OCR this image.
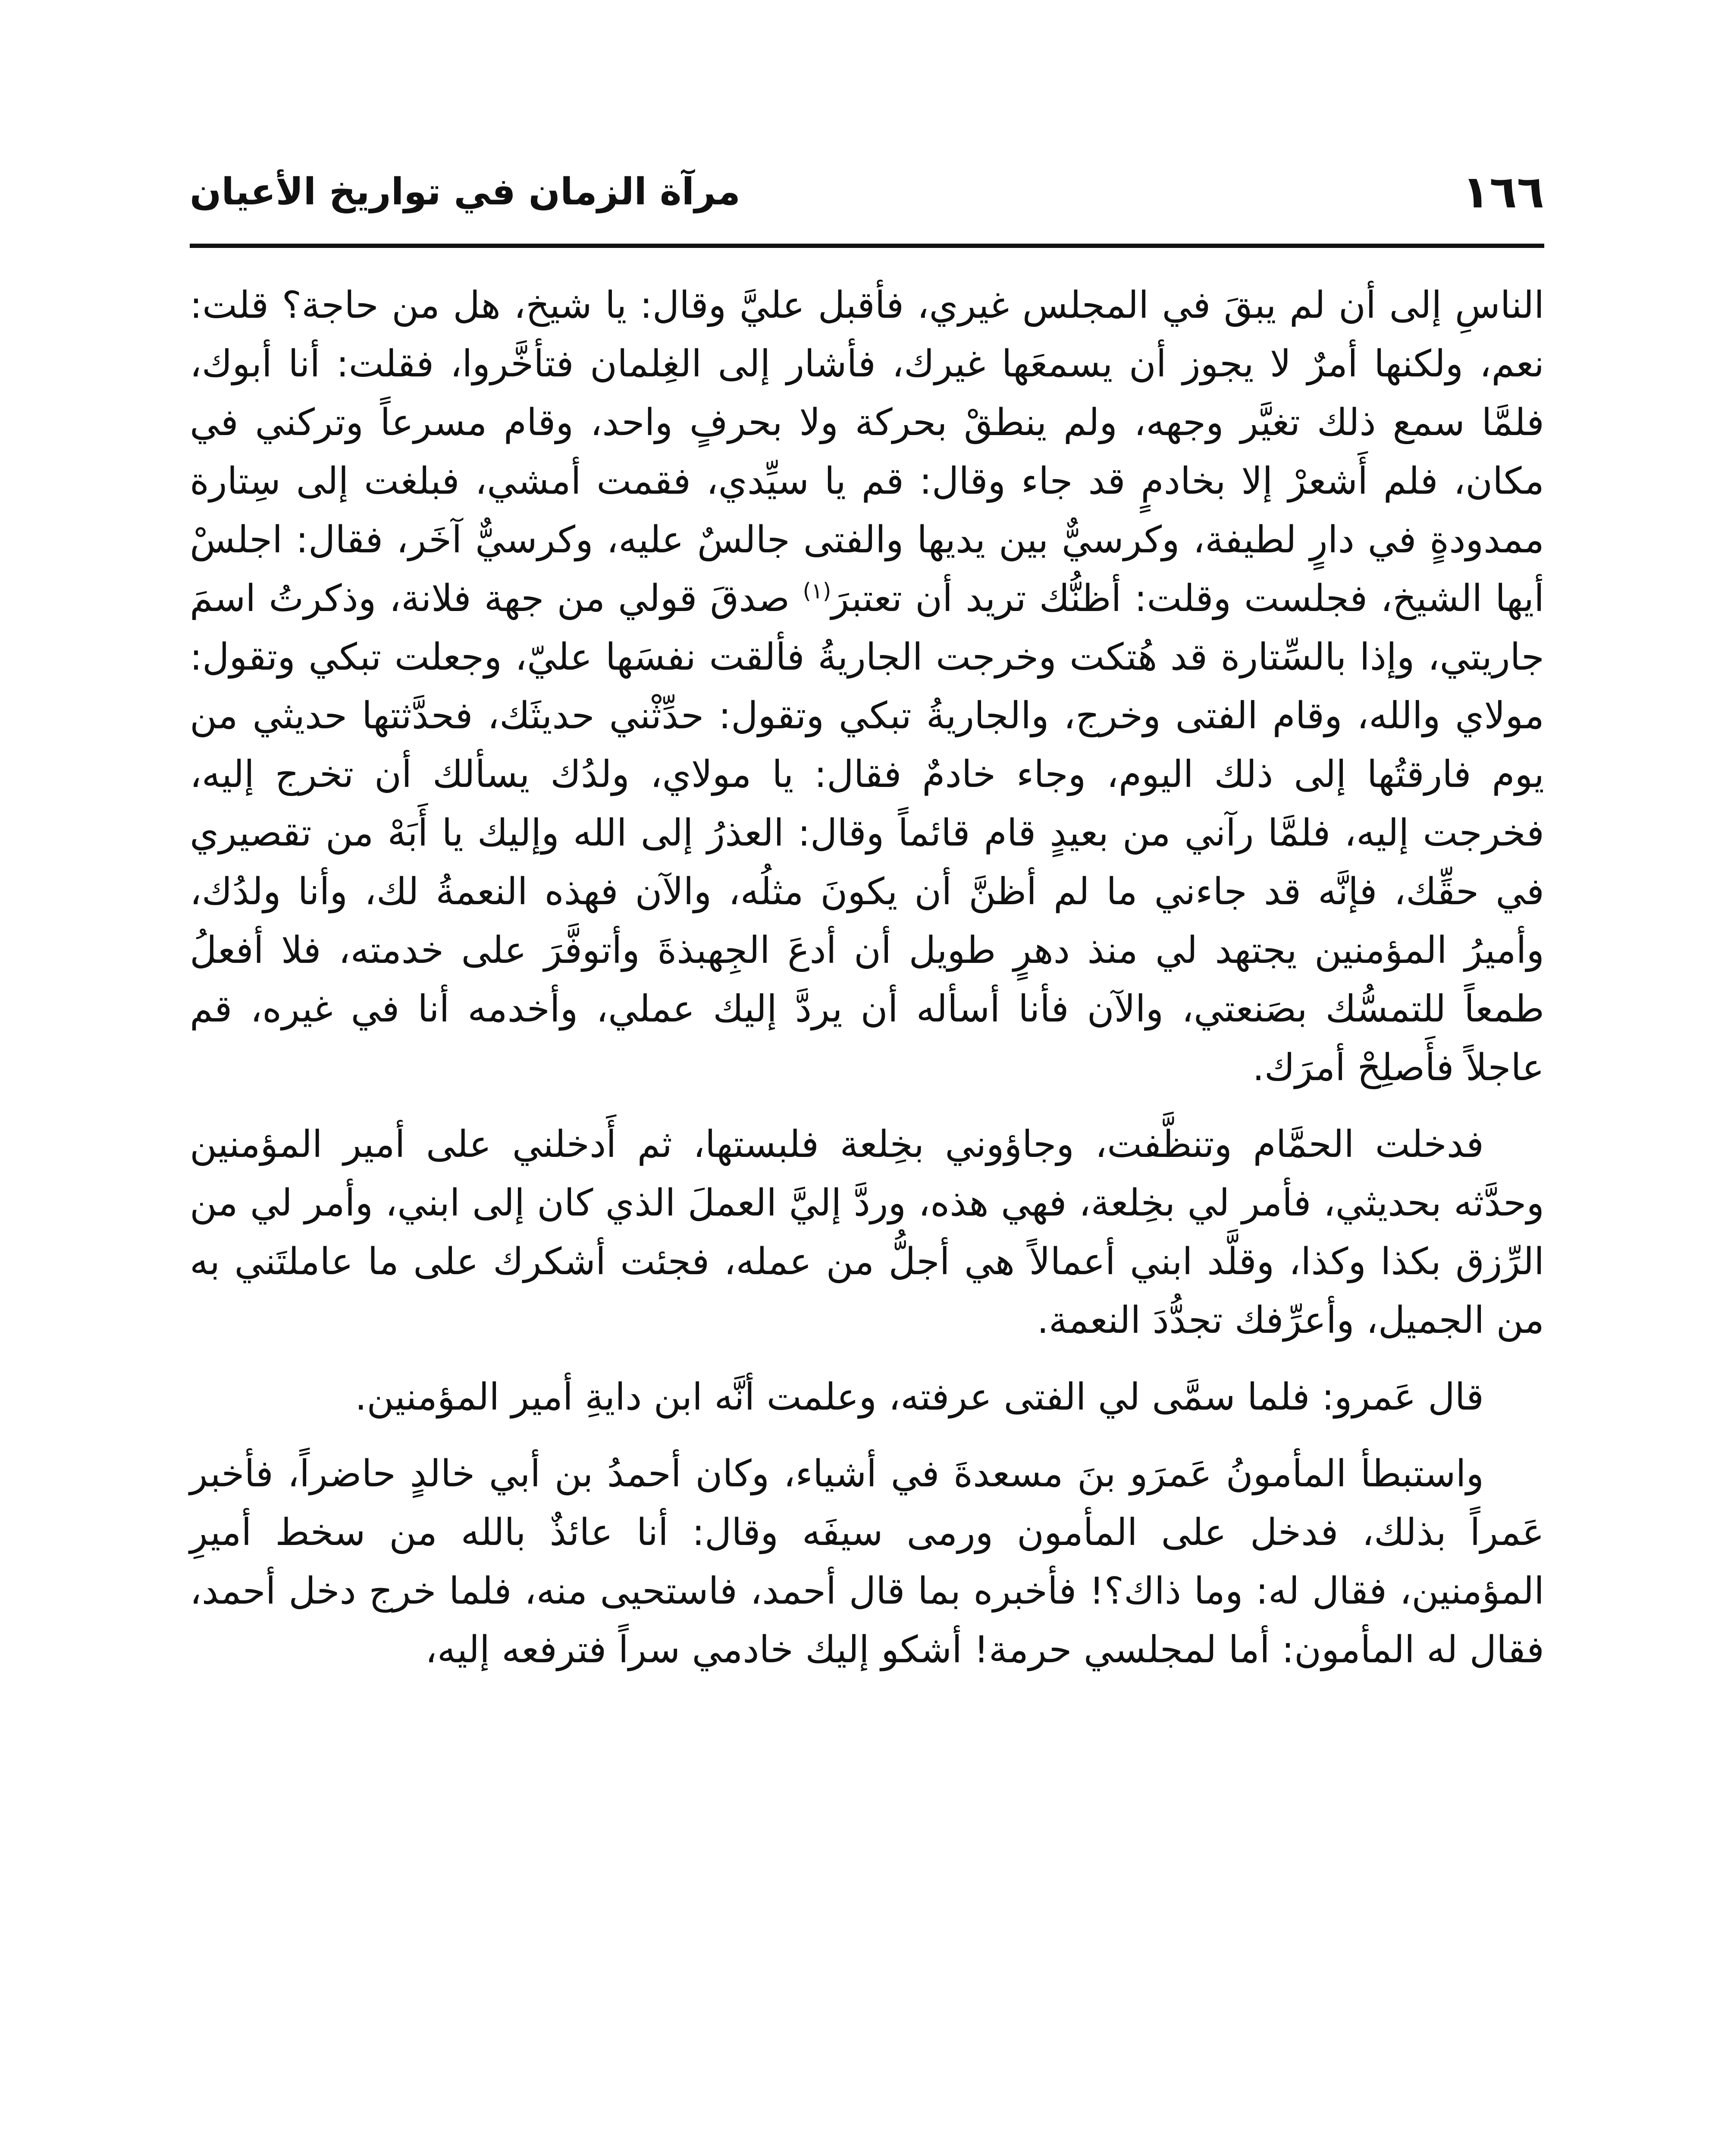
١٦٦
مرآة الزمان في تواريخ الأعيان

الناسِ إلى أن لم يبقَ في المجلس غيري، فأقبل عليَّ وقال: يا شيخ، هل من حاجة؟ قلت: نعم، ولكنها أمرٌ لا يجوز أن يسمعَها غيرك، فأشار إلى الغِلمان فتأخَّروا، فقلت: أنا أبوك، فلمَّا سمع ذلك تغيَّر وجهه، ولم ينطقْ بحركة ولا بحرفٍ واحد، وقام مسرعاً وتركني في مكان، فلم أَشعرْ إلا بخادمٍ قد جاء وقال: قم يا سيِّدي، فقمت أمشي، فبلغت إلى سِتارة ممدودةٍ في دارٍ لطيفة، وكرسيٌّ بين يديها والفتى جالسٌ عليه، وكرسيٌّ آخَر، فقال: اجلسْ أيها الشيخ، فجلست وقلت: أظنُّك تريد أن تعتبرَ$^{(١)}$ صدقَ قولي من جهة فلانة، وذكرتُ اسمَ جاريتي، وإذا بالسِّتارة قد هُتكت وخرجت الجاريةُ فألقت نفسَها عليّ، وجعلت تبكي وتقول: مولاي والله، وقام الفتى وخرج، والجاريةُ تبكي وتقول: حدِّثْني حديثَك، فحدَّثتها حديثي من يوم فارقتُها إلى ذلك اليوم، وجاء خادمٌ فقال: يا مولاي، ولدُك يسألك أن تخرج إليه، فخرجت إليه، فلمَّا رآني من بعيدٍ قام قائماً وقال: العذرُ إلى الله وإليك يا أَبَهْ من تقصيري في حقِّك، فإنَّه قد جاءني ما لم أظنَّ أن يكونَ مثلُه، والآن فهذه النعمةُ لك، وأنا ولدُك، وأميرُ المؤمنين يجتهد لي منذ دهرٍ طويل أن أدعَ الجِهبذةَ وأتوفَّرَ على خدمته، فلا أفعلُ طمعاً للتمسُّك بصَنعتي، والآن فأنا أسأله أن يردَّ إليك عملي، وأخدمه أنا في غيره، قم عاجلاً فأَصلِحْ أمرَك.

فدخلت الحمَّام وتنظَّفت، وجاؤوني بخِلعة فلبستها، ثم أَدخلني على أمير المؤمنين وحدَّثه بحديثي، فأمر لي بخِلعة، فهي هذه، وردَّ إليَّ العملَ الذي كان إلى ابني، وأمر لي من الرِّزق بكذا وكذا، وقلَّد ابني أعمالاً هي أجلُّ من عمله، فجئت أشكرك على ما عاملتَني به من الجميل، وأعرِّفك تجدُّدَ النعمة.

قال عَمرو: فلما سمَّى لي الفتى عرفته، وعلمت أنَّه ابن دايةِ أمير المؤمنين.

واستبطأ المأمونُ عَمرَو بنَ مسعدةَ في أشياء، وكان أحمدُ بن أبي خالدٍ حاضراً، فأخبر عَمراً بذلك، فدخل على المأمون ورمى سيفَه وقال: أنا عائذٌ بالله من سخط أميرِ المؤمنين، فقال له: وما ذاك؟! فأخبره بما قال أحمد، فاستحيى منه، فلما خرج دخل أحمد، فقال له المأمون: أما لمجلسي حرمة! أشكو إليك خادمي سراً فترفعه إليه،
